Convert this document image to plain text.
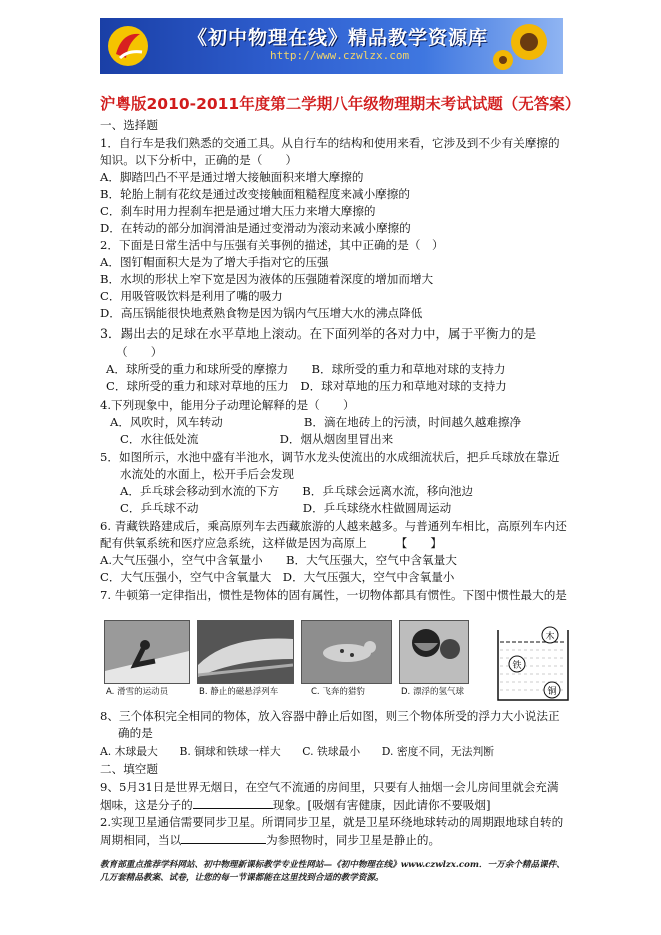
《初中物理在线》精品教学资源库
http://www.czwlzx.com
沪粤版2010-2011年度第二学期八年级物理期末考试试题（无答案）
一、选择题
1．自行车是我们熟悉的交通工具。从自行车的结构和使用来看，它涉及到不少有关摩擦的
知识。以下分析中，正确的是（　　）
A．脚踏凹凸不平是通过增大接触面积来增大摩擦的
B．轮胎上制有花纹是通过改变接触面粗糙程度来减小摩擦的
C．刹车时用力捏刹车把是通过增大压力来增大摩擦的
D．在转动的部分加润滑油是通过变滑动为滚动来减小摩擦的
2．下面是日常生活中与压强有关事例的描述，其中正确的是（　）
A．图钉帽面积大是为了增大手指对它的压强
B．水坝的形状上窄下宽是因为液体的压强随着深度的增加而增大
C．用吸管吸饮料是利用了嘴的吸力
D．高压锅能很快地煮熟食物是因为锅内气压增大水的沸点降低
3．踢出去的足球在水平草地上滚动。在下面列举的各对力中，属于平衡力的是
（　　）
A．球所受的重力和球所受的摩擦力　　B．球所受的重力和草地对球的支持力
C．球所受的重力和球对草地的压力　D．球对草地的压力和草地对球的支持力
4.下列现象中，能用分子动理论解释的是（　　）
A．风吹时，风车转动　　　　　　　B．滴在地砖上的污渍，时间越久越难擦净
C．水往低处流　　　　　　　D．烟从烟囱里冒出来
5．如图所示，水池中盛有半池水，调节水龙头使流出的水成细流状后，把乒乓球放在靠近
水流处的水面上，松开手后会发现
A．乒乓球会移动到水流的下方　　B．乒乓球会远离水流，移向池边
C．乒乓球不动　　　　　　　　　D．乒乓球绕水柱做圆周运动
6. 青藏铁路建成后，乘高原列车去西藏旅游的人越来越多。与普通列车相比，高原列车内还
配有供氧系统和医疗应急系统，这样做是因为高原上　　　【　　】
A.大气压强小，空气中含氧量小　　B．大气压强大，空气中含氧量大
C．大气压强小，空气中含氧量大　D．大气压强大，空气中含氧量小
7. 牛顿第一定律指出，惯性是物体的固有属性，一切物体都具有惯性。下图中惯性最大的是
A. 滑雪的运动员	B. 静止的磁悬浮列车	C. 飞奔的猎豹	D. 漂浮的氢气球
木
铁
铜
8、三个体积完全相同的物体，放入容器中静止后如图，则三个物体所受的浮力大小说法正
确的是
A. 木球最大　　B. 铜球和铁球一样大　　C. 铁球最小　　D. 密度不同，无法判断
二、填空题
9、5月31日是世界无烟日，在空气不流通的房间里，只要有人抽烟一会儿房间里就会充满
烟味，这是分子的	现象。[吸烟有害健康，因此请你不要吸烟]
2.实现卫星通信需要同步卫星。所谓同步卫星，就是卫星环绕地球转动的周期跟地球自转的
周期相同，当以	为参照物时，同步卫星是静止的。
教育部重点推荐学科网站、初中物理新课标教学专业性网站—《初中物理在线》www.czwlzx.com．一万余个精品课件、几万套精品教案、试卷，让您的每一节课都能在这里找到合适的教学资源。
